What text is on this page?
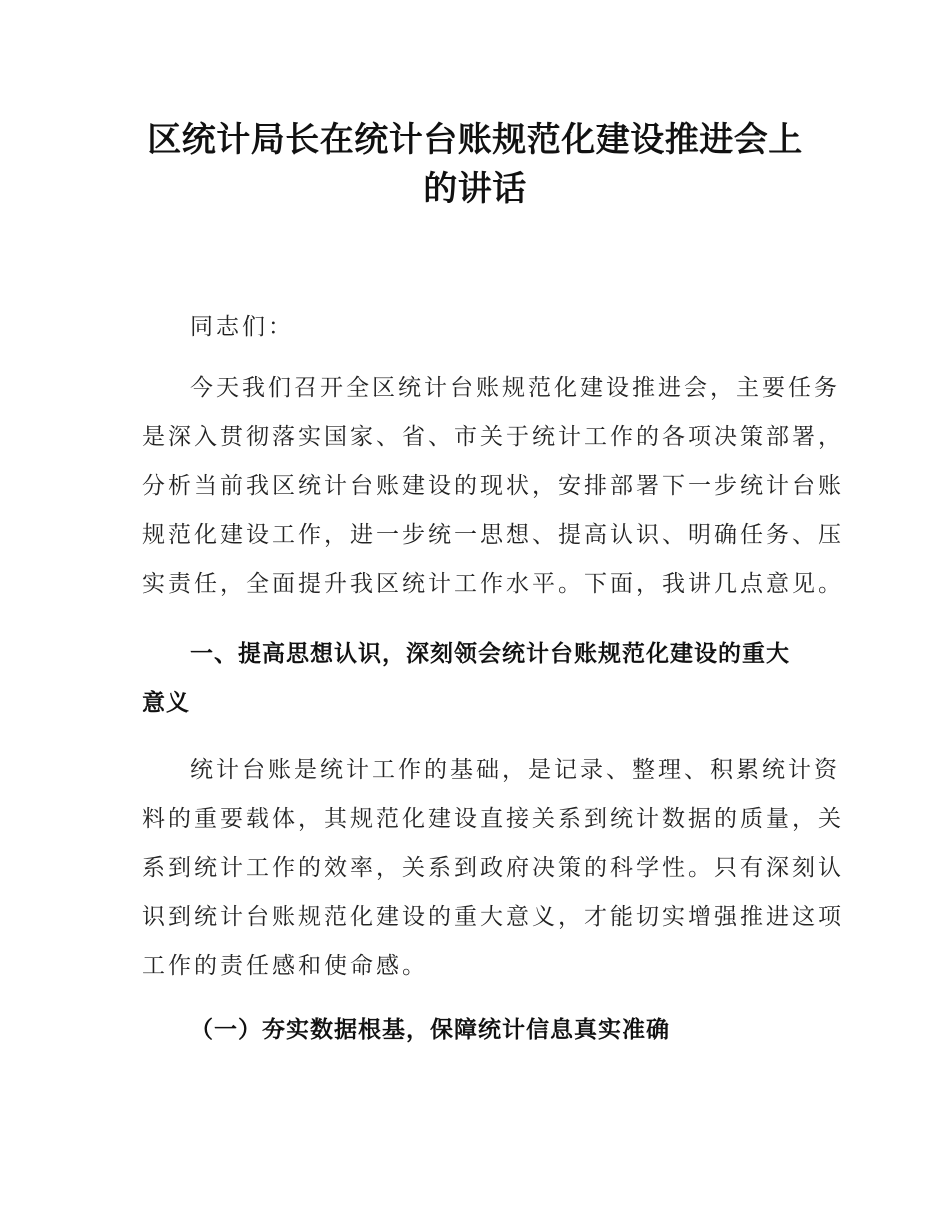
区统计局长在统计台账规范化建设推进会上
的讲话
同志们：
今天我们召开全区统计台账规范化建设推进会，主要任务
是深入贯彻落实国家、省、市关于统计工作的各项决策部署，
分析当前我区统计台账建设的现状，安排部署下一步统计台账
规范化建设工作，进一步统一思想、提高认识、明确任务、压
实责任，全面提升我区统计工作水平。下面，我讲几点意见。
一、提高思想认识，深刻领会统计台账规范化建设的重大
意义
统计台账是统计工作的基础，是记录、整理、积累统计资
料的重要载体，其规范化建设直接关系到统计数据的质量，关
系到统计工作的效率，关系到政府决策的科学性。只有深刻认
识到统计台账规范化建设的重大意义，才能切实增强推进这项
工作的责任感和使命感。
（一）夯实数据根基，保障统计信息真实准确
